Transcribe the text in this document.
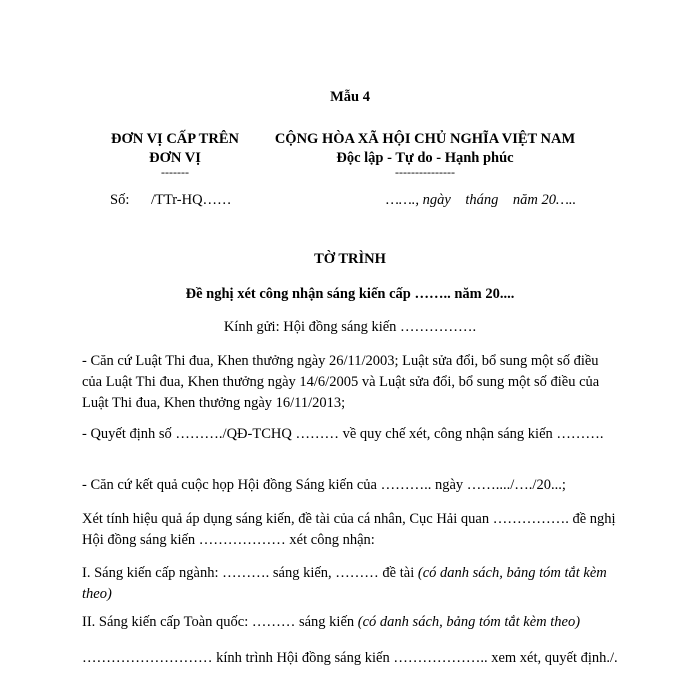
Mẫu 4
ĐƠN VỊ CẤP TRÊN
ĐƠN VỊ
-------
Số: /TTr-HQ……
CỘNG HÒA XÃ HỘI CHỦ NGHĨA VIỆT NAM
Độc lập - Tự do - Hạnh phúc
---------------
……., ngày    tháng    năm 20…..
TỜ TRÌNH
Đề nghị xét công nhận sáng kiến cấp …….. năm 20....
Kính gửi: Hội đồng sáng kiến …………….
- Căn cứ Luật Thi đua, Khen thưởng ngày 26/11/2003; Luật sửa đổi, bổ sung một số điều của Luật Thi đua, Khen thưởng ngày 14/6/2005 và Luật sửa đổi, bổ sung một số điều của Luật Thi đua, Khen thưởng ngày 16/11/2013;
- Quyết định số ………./QĐ-TCHQ ……… về quy chế xét, công nhận sáng kiến ……….
- Căn cứ kết quả cuộc họp Hội đồng Sáng kiến của ……….. ngày ……..../…./20...;
Xét tính hiệu quả áp dụng sáng kiến, đề tài của cá nhân, Cục Hải quan ……………. đề nghị Hội đồng sáng kiến ……………… xét công nhận:
I. Sáng kiến cấp ngành: ………. sáng kiến, ……… đề tài (có danh sách, bảng tóm tắt kèm theo)
II. Sáng kiến cấp Toàn quốc: ……… sáng kiến (có danh sách, bảng tóm tắt kèm theo)
……………………… kính trình Hội đồng sáng kiến ……………….. xem xét, quyết định./.
